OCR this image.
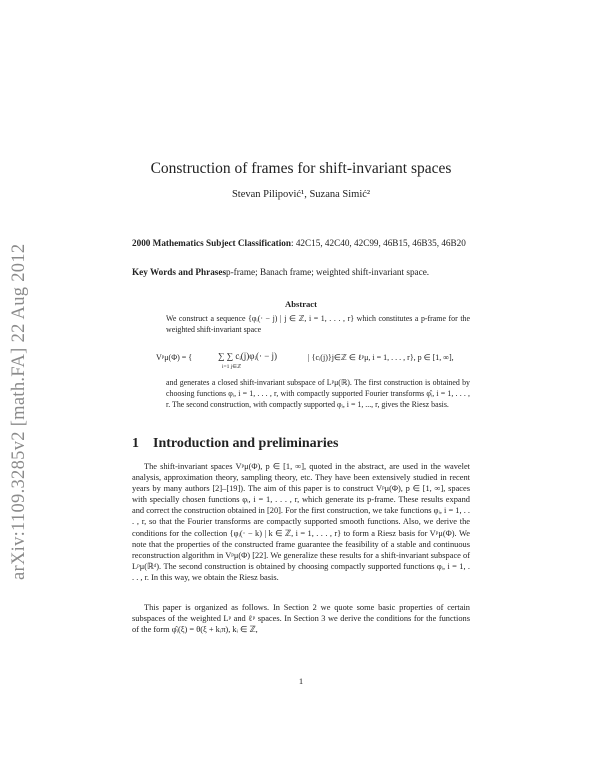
arXiv:1109.3285v2 [math.FA] 22 Aug 2012
Construction of frames for shift-invariant spaces
Stevan Pilipović¹, Suzana Simić²
2000 Mathematics Subject Classification: 42C15, 42C40, 42C99, 46B15, 46B35, 46B20
Key Words and Phrasesp-frame; Banach frame; weighted shift-invariant space.
Abstract
We construct a sequence {φᵢ(· − j) | j ∈ ℤ, i = 1, . . . , r} which constitutes a p-frame for the weighted shift-invariant space
Vᵖμ(Φ) = {	∑ ∑ cᵢ(j)φᵢ(· − j)
i=1 j∈ℤ
| {cᵢ(j)}j∈ℤ ∈ ℓᵖμ, i = 1, . . . , r}, p ∈ [1, ∞],
and generates a closed shift-invariant subspace of Lᵖμ(ℝ). The first construction is obtained by choosing functions φᵢ, i = 1, . . . , r, with compactly supported Fourier transforms φ̂ᵢ, i = 1, . . . , r. The second construction, with compactly supported φᵢ, i = 1, ..., r, gives the Riesz basis.
1 Introduction and preliminaries
The shift-invariant spaces Vᵖμ(Φ), p ∈ [1, ∞], quoted in the abstract, are used in the wavelet analysis, approximation theory, sampling theory, etc. They have been extensively studied in recent years by many authors [2]–[19]). The aim of this paper is to construct Vᵖμ(Φ), p ∈ [1, ∞], spaces with specially chosen functions φᵢ, i = 1, . . . , r, which generate its p-frame. These results expand and correct the construction obtained in [20]. For the first construction, we take functions φᵢ, i = 1, . . . , r, so that the Fourier transforms are compactly supported smooth functions. Also, we derive the conditions for the collection {φᵢ(· − k) | k ∈ ℤ, i = 1, . . . , r} to form a Riesz basis for Vᵖμ(Φ). We note that the properties of the constructed frame guarantee the feasibility of a stable and continuous reconstruction algorithm in Vᵖμ(Φ) [22]. We generalize these results for a shift-invariant subspace of Lᵖμ(ℝᵈ). The second construction is obtained by choosing compactly supported functions φᵢ, i = 1, . . . , r. In this way, we obtain the Riesz basis.
This paper is organized as follows. In Section 2 we quote some basic properties of certain subspaces of the weighted Lᵖ and ℓᵖ spaces. In Section 3 we derive the conditions for the functions of the form φ̂ᵢ(ξ) = θ(ξ + kᵢπ), kᵢ ∈ ℤ,
1
